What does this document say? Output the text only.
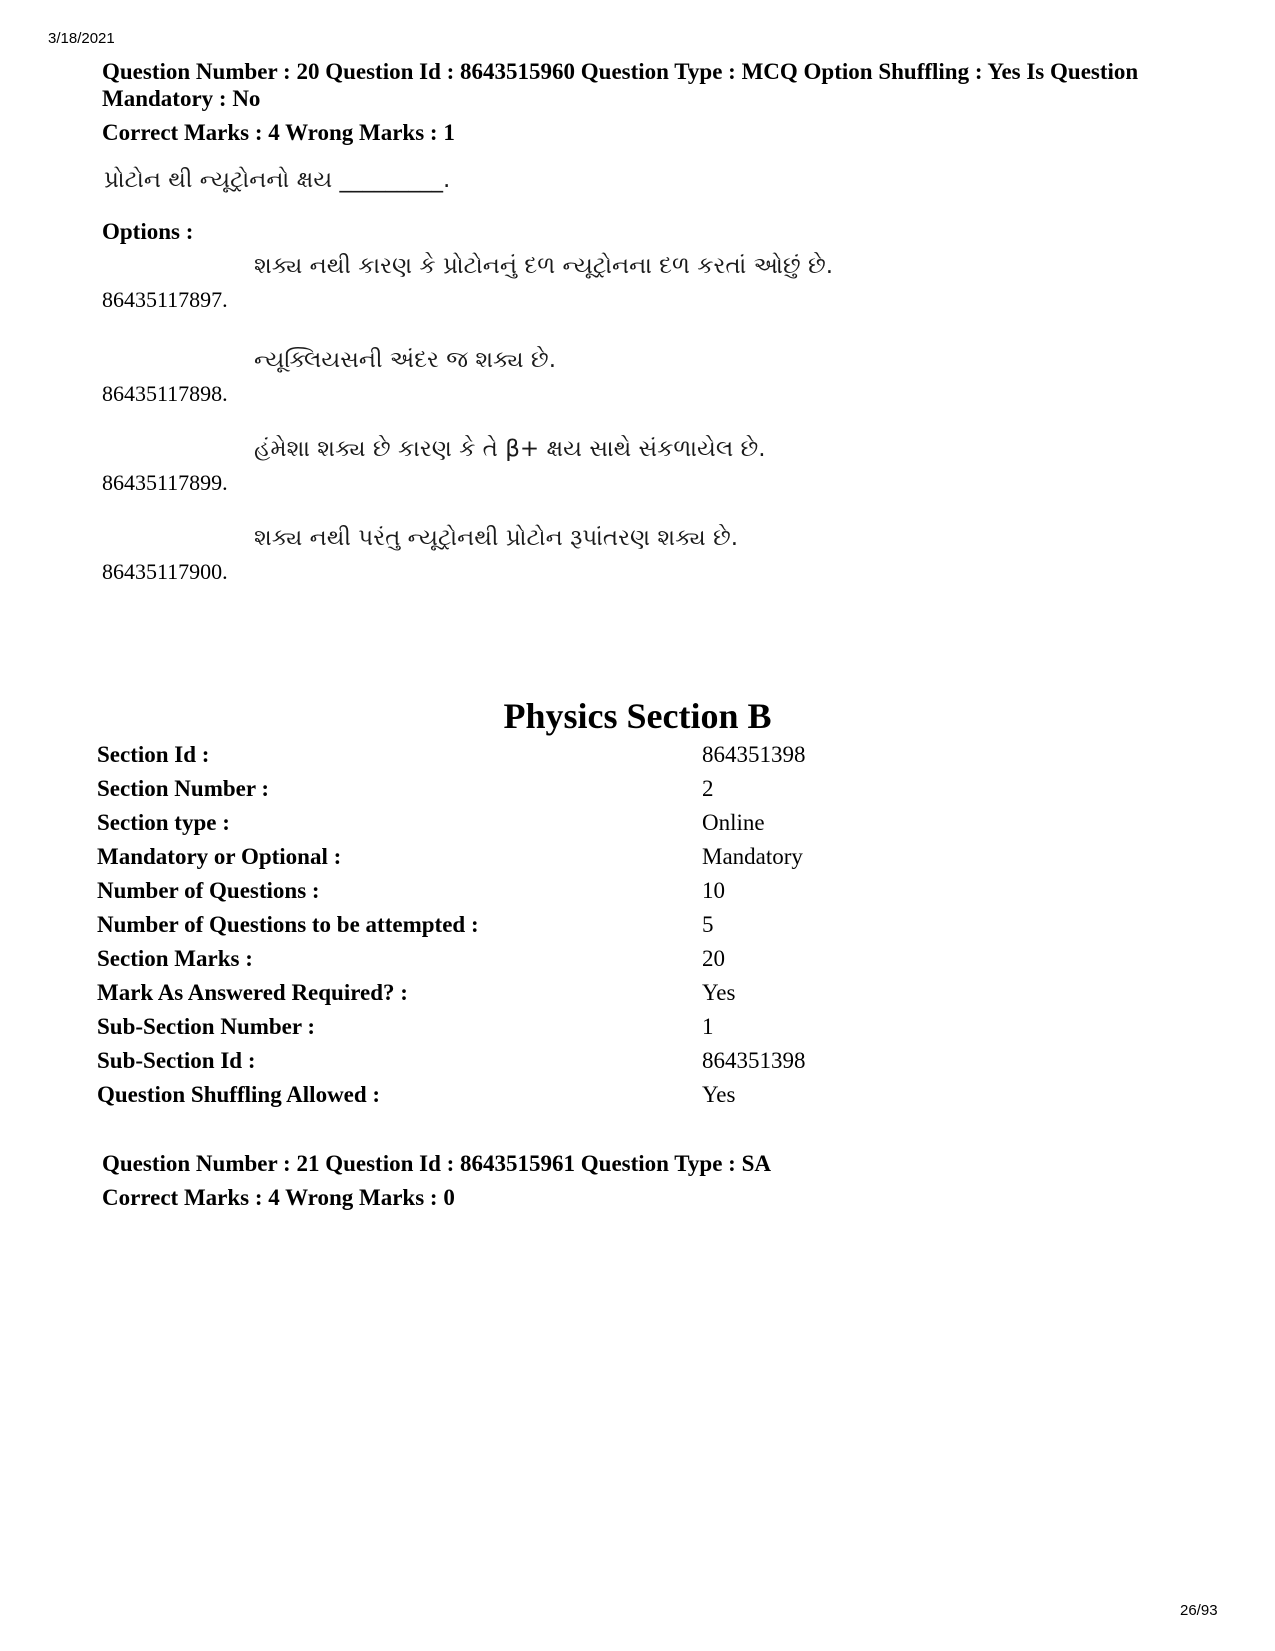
3/18/2021
Question Number : 20 Question Id : 8643515960 Question Type : MCQ Option Shuffling : Yes Is Question Mandatory : No
Correct Marks : 4 Wrong Marks : 1
પ્રોટોન થી ન્યૂટ્રોનનો ક્ષય _________.
Options :
86435117897.
શક્ય નથી કારણ કે પ્રોટોનનું દળ ન્યૂટ્રોનના દળ કરતાં ઓછું છે.
86435117898.
ન્યૂક્લિયસની અંદર જ શક્ય છે.
86435117899.
હંમેશા શક્ય છે કારણ કે તે β+ ક્ષય સાથે સંકળાયેલ છે.
86435117900.
શક્ય નથી પરંતુ ન્યૂટ્રોનથી પ્રોટોન રૂપાંતરણ શક્ય છે.
Physics Section B
Section Id :	864351398
Section Number :	2
Section type :	Online
Mandatory or Optional :	Mandatory
Number of Questions :	10
Number of Questions to be attempted :	5
Section Marks :	20
Mark As Answered Required? :	Yes
Sub-Section Number :	1
Sub-Section Id :	864351398
Question Shuffling Allowed :	Yes
Question Number : 21 Question Id : 8643515961 Question Type : SA
Correct Marks : 4 Wrong Marks : 0
26/93
